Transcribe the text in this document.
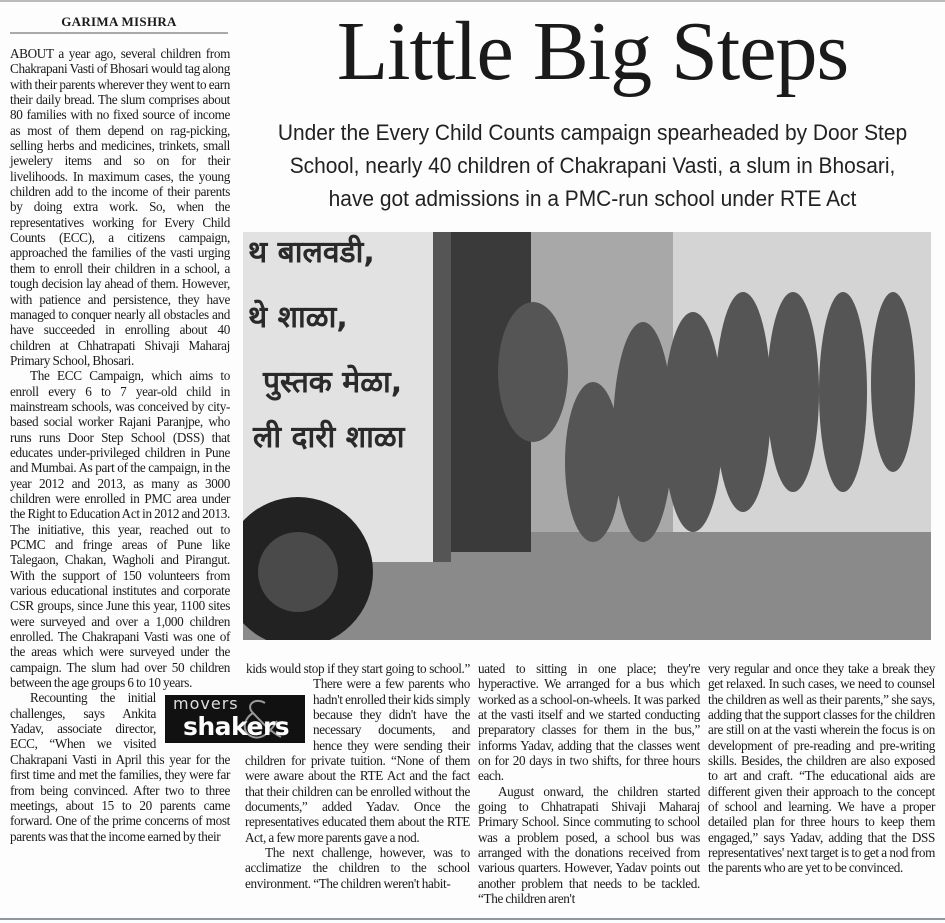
GARIMA MISHRA	Little Big Steps
Under the Every Child Counts campaign spearheaded by Door Step School, nearly 40 children of Chakrapani Vasti, a slum in Bhosari, have got admissions in a PMC-run school under RTE Act
थ बालवडी,
थे शाळा,
पुस्तक मेळा,
ली दारी शाळा

ABOUT a year ago, several children from Chakrapani Vasti of Bhosari would tag along with their parents wherever they went to earn their daily bread. The slum comprises about 80 families with no fixed source of income as most of them depend on rag-picking, selling herbs and medicines, trinkets, small jewelery items and so on for their livelihoods. In maximum cases, the young children add to the income of their parents by doing extra work. So, when the representatives working for Every Child Counts (ECC), a citizens campaign, approached the families of the vasti urging them to enroll their children in a school, a tough decision lay ahead of them. However, with patience and persistence, they have managed to conquer nearly all obstacles and have succeeded in enrolling about 40 children at Chhatrapati Shivaji Maharaj Primary School, Bhosari.

The ECC Campaign, which aims to enroll every 6 to 7 year-old child in mainstream schools, was conceived by city-based social worker Rajani Paranjpe, who runs runs Door Step School (DSS) that educates under-privileged children in Pune and Mumbai. As part of the campaign, in the year 2012 and 2013, as many as 3000 children were enrolled in PMC area under the Right to Education Act in 2012 and 2013. The initiative, this year, reached out to PCMC and fringe areas of Pune like Talegaon, Chakan, Wagholi and Pirangut. With the support of 150 volunteers from various educational institutes and corporate CSR groups, since June this year, 1100 sites were surveyed and over a 1,000 children enrolled. The Chakrapani Vasti was one of the areas which were surveyed under the campaign. The slum had over 50 children between the age groups 6 to 10 years.

Recounting the initial challenges, says Ankita Yadav, associate director, ECC, “When we visited Chakrapani Vasti in April this year for the first time and met the families, they were far from being convinced. After two to three meetings, about 15 to 20 parents came forward. One of the prime concerns of most parents was that the income earned by their

kids would stop if they start going to school.” There were a few parents who hadn't enrolled their kids simply because they didn't have the necessary documents, and hence they were sending their children for private tuition. “None of them were aware about the RTE Act and the fact that their children can be enrolled without the documents,” added Yadav. Once the representatives educated them about the RTE Act, a few more parents gave a nod.

The next challenge, however, was to acclimatize the children to the school environment. “The children weren't habit-

uated to sitting in one place; they're hyperactive. We arranged for a bus which worked as a school-on-wheels. It was parked at the vasti itself and we started conducting preparatory classes for them in the bus,” informs Yadav, adding that the classes went on for 20 days in two shifts, for three hours each.

August onward, the children started going to Chhatrapati Shivaji Maharaj Primary School. Since commuting to school was a problem posed, a school bus was arranged with the donations received from various quarters. However, Yadav points out another problem that needs to be tackled. “The children aren't

very regular and once they take a break they get relaxed. In such cases, we need to counsel the children as well as their parents,” she says, adding that the support classes for the children are still on at the vasti wherein the focus is on development of pre-reading and pre-writing skills. Besides, the children are also exposed to art and craft. “The educational aids are different given their approach to the concept of school and learning. We have a proper detailed plan for three hours to keep them engaged,” says Yadav, adding that the DSS representatives' next target is to get a nod from the parents who are yet to be convinced.

movers
shakers
